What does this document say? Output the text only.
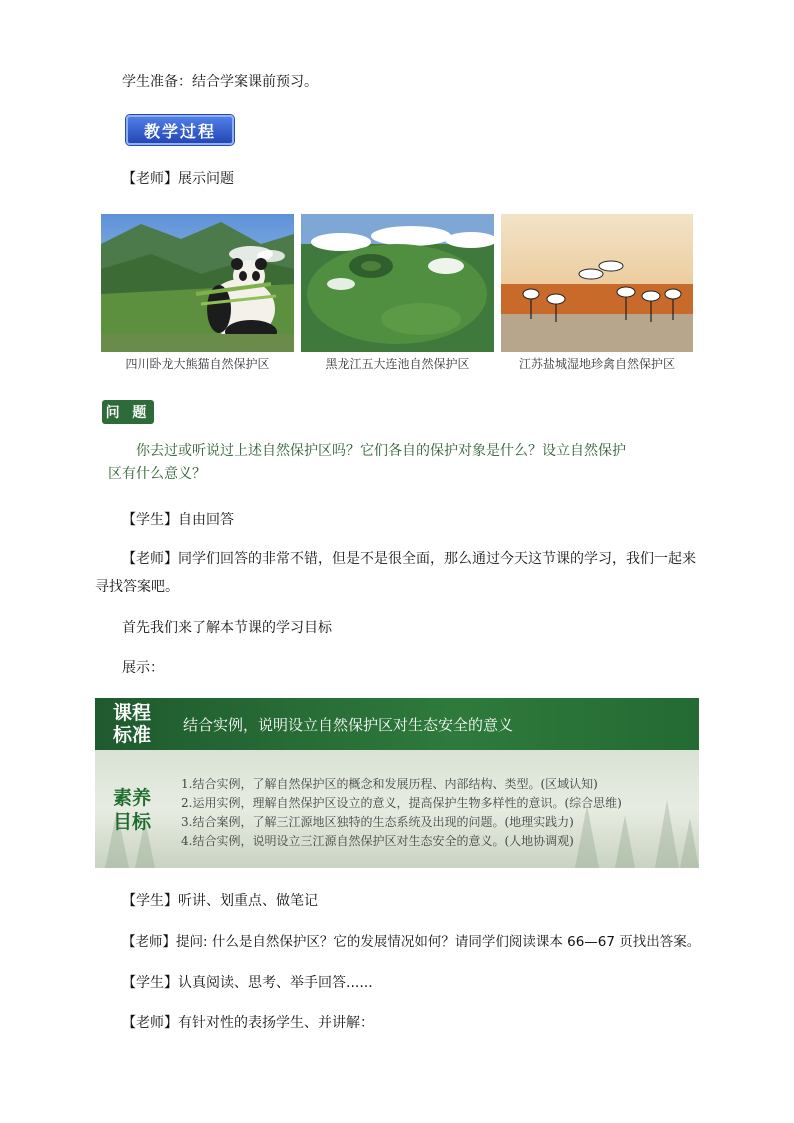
学生准备：结合学案课前预习。
教学过程
【老师】展示问题
四川卧龙大熊猫自然保护区	黑龙江五大连池自然保护区	江苏盐城湿地珍禽自然保护区
问 题
你去过或听说过上述自然保护区吗？它们各自的保护对象是什么？设立自然保护
区有什么意义？
【学生】自由回答
【老师】同学们回答的非常不错，但是不是很全面，那么通过今天这节课的学习，我们一起来
寻找答案吧。
首先我们来了解本节课的学习目标
展示：
课程
标准	结合实例，说明设立自然保护区对生态安全的意义
素养
目标
1.结合实例，了解自然保护区的概念和发展历程、内部结构、类型。(区域认知)
2.运用实例，理解自然保护区设立的意义，提高保护生物多样性的意识。(综合思维)
3.结合案例，了解三江源地区独特的生态系统及出现的问题。(地理实践力)
4.结合实例，说明设立三江源自然保护区对生态安全的意义。(人地协调观)
【学生】听讲、划重点、做笔记
【老师】提问: 什么是自然保护区？它的发展情况如何？请同学们阅读课本 66—67 页找出答案。
【学生】认真阅读、思考、举手回答......
【老师】有针对性的表扬学生、并讲解：
